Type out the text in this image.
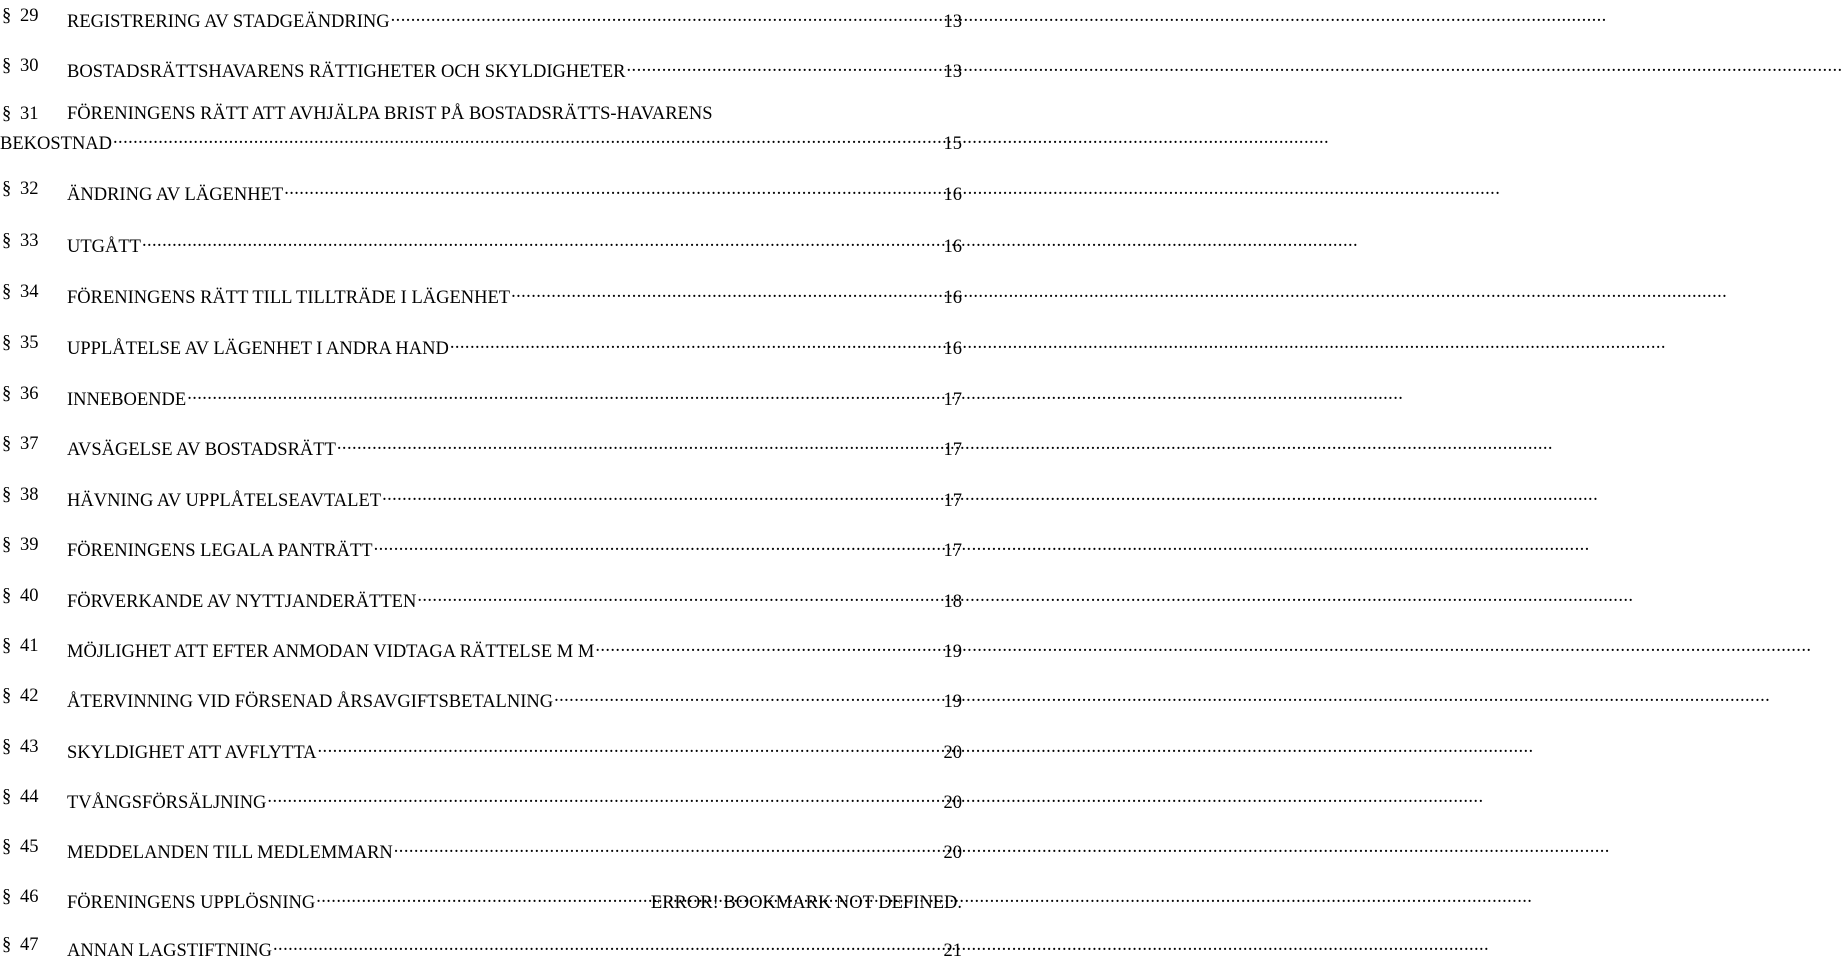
§ 29	REGISTRERING AV STADGEÄNDRING .....	13
§ 30	BOSTADSRÄTTSHAVARENS RÄTTIGHETER OCH SKYLDIGHETER .....	13
§ 31	FÖRENINGENS RÄTT ATT AVHJÄLPA BRIST PÅ BOSTADSRÄTTS-HAVARENS
BEKOSTNAD .....	15
§ 32	ÄNDRING AV LÄGENHET .....	16
§ 33	UTGÅTT .....	16
§ 34	FÖRENINGENS RÄTT TILL TILLTRÄDE I LÄGENHET .....	16
§ 35	UPPLÅTELSE AV LÄGENHET I ANDRA HAND .....	16
§ 36	INNEBOENDE .....	17
§ 37	AVSÄGELSE AV BOSTADSRÄTT .....	17
§ 38	HÄVNING AV UPPLÅTELSEAVTALET .....	17
§ 39	FÖRENINGENS LEGALA PANTRÄTT .....	17
§ 40	FÖRVERKANDE AV NYTTJANDERÄTTEN .....	18
§ 41	MÖJLIGHET ATT EFTER ANMODAN VIDTAGA RÄTTELSE M M .....	19
§ 42	ÅTERVINNING VID FÖRSENAD ÅRSAVGIFTSBETALNING .....	19
§ 43	SKYLDIGHET ATT AVFLYTTA .....	20
§ 44	TVÅNGSFÖRSÄLJNING .....	20
§ 45	MEDDELANDEN TILL MEDLEMMARN .....	20
§ 46	FÖRENINGENS UPPLÖSNING .....	ERROR! BOOKMARK NOT DEFINED.
§ 47	ANNAN LAGSTIFTNING .....	21
